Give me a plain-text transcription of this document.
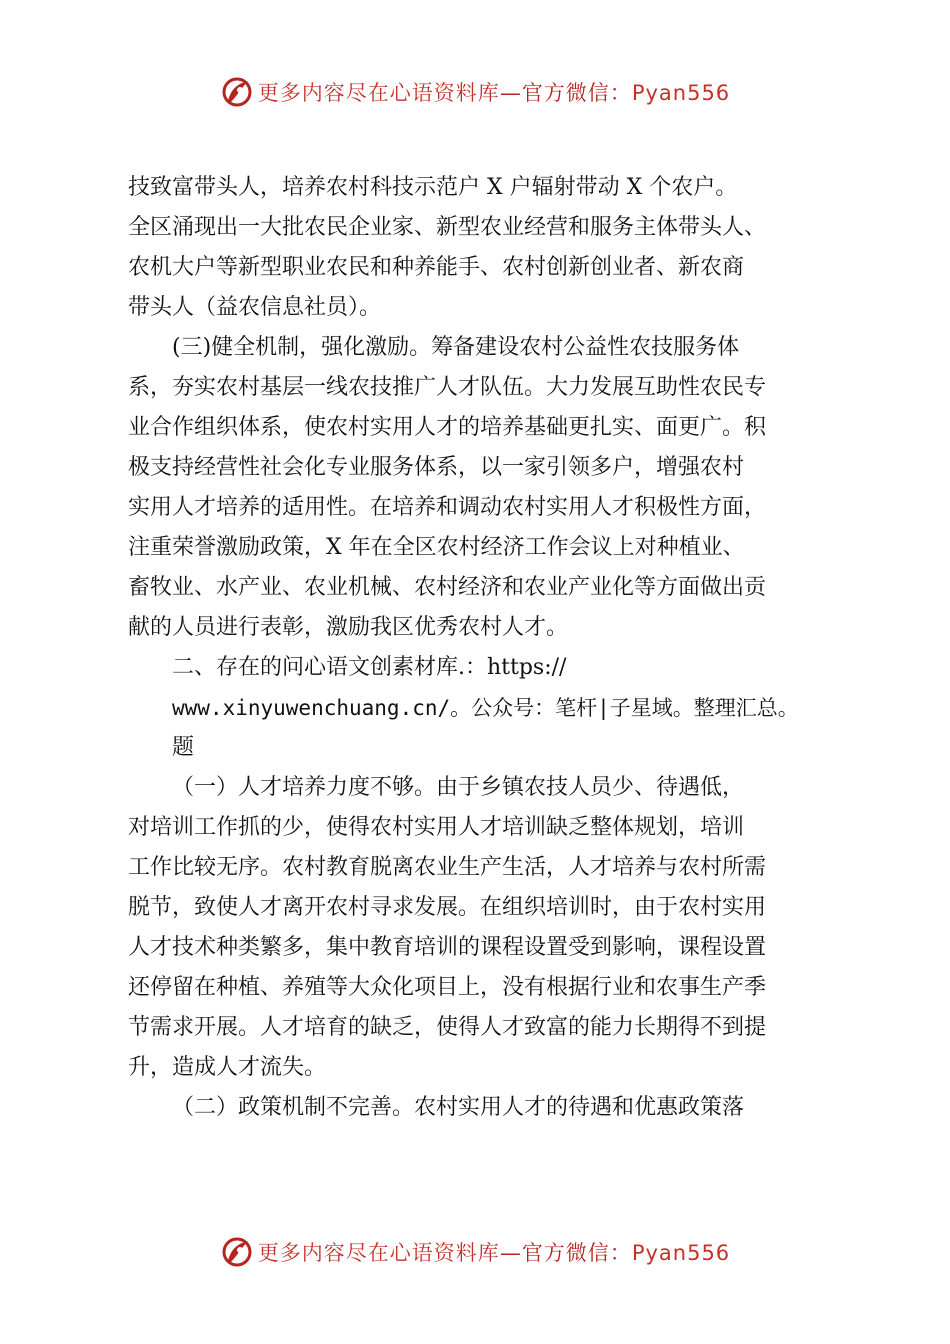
更多内容尽在心语资料库—官方微信：Pyan556
技致富带头人，培养农村科技示范户 X 户辐射带动 X 个农户。
全区涌现出一大批农民企业家、新型农业经营和服务主体带头人、
农机大户等新型职业农民和种养能手、农村创新创业者、新农商
带头人（益农信息社员）。
(三)健全机制，强化激励。筹备建设农村公益性农技服务体
系，夯实农村基层一线农技推广人才队伍。大力发展互助性农民专
业合作组织体系，使农村实用人才的培养基础更扎实、面更广。积
极支持经营性社会化专业服务体系，以一家引领多户，增强农村
实用人才培养的适用性。在培养和调动农村实用人才积极性方面，
注重荣誉激励政策，X 年在全区农村经济工作会议上对种植业、
畜牧业、水产业、农业机械、农村经济和农业产业化等方面做出贡
献的人员进行表彰，激励我区优秀农村人才。
二、存在的问心语文创素材库.：https://
www.xinyuwenchuang.cn/。公众号：笔杆|子星域。整理汇总。
题
（一）人才培养力度不够。由于乡镇农技人员少、待遇低，
对培训工作抓的少，使得农村实用人才培训缺乏整体规划，培训
工作比较无序。农村教育脱离农业生产生活，人才培养与农村所需
脱节，致使人才离开农村寻求发展。在组织培训时，由于农村实用
人才技术种类繁多，集中教育培训的课程设置受到影响，课程设置
还停留在种植、养殖等大众化项目上，没有根据行业和农事生产季
节需求开展。人才培育的缺乏，使得人才致富的能力长期得不到提
升，造成人才流失。
（二）政策机制不完善。农村实用人才的待遇和优惠政策落
更多内容尽在心语资料库—官方微信：Pyan556
